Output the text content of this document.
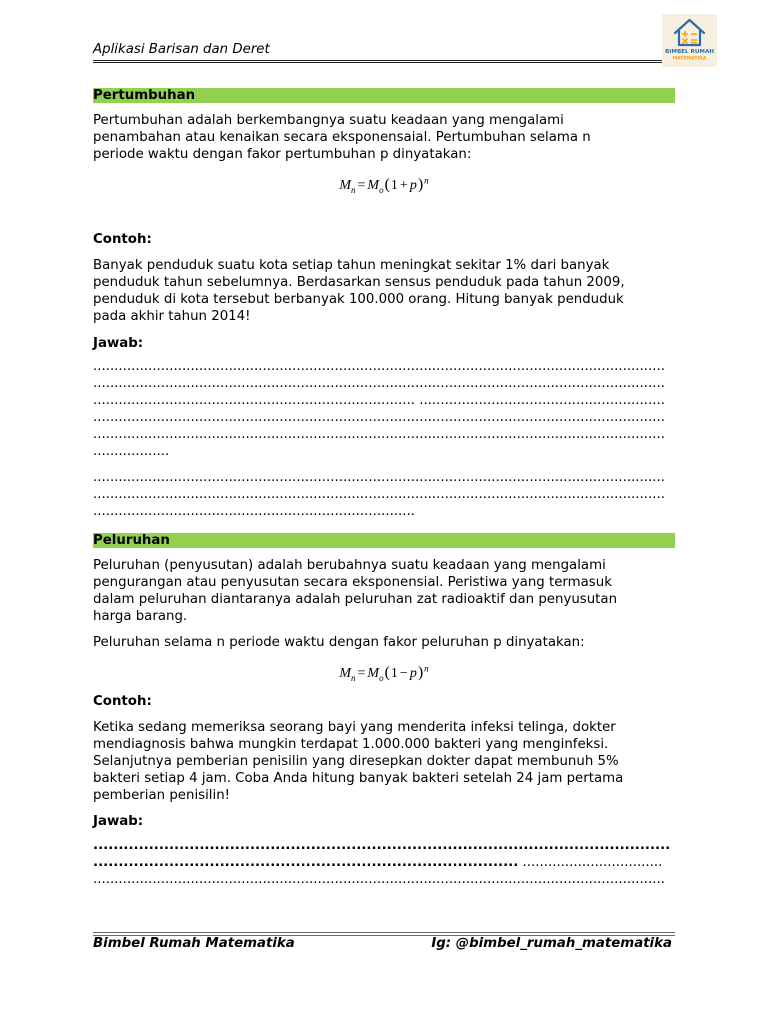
Aplikasi Barisan dan Deret	BIMBEL RUMAH
MATEMATIKA
Pertumbuhan
Pertumbuhan adalah berkembangnya suatu keadaan yang mengalami
penambahan atau kenaikan secara eksponensaial. Pertumbuhan selama n
periode waktu dengan fakor pertumbuhan p dinyatakan:
$M_n = M_o(1 + p)^n$
Contoh:
Banyak penduduk suatu kota setiap tahun meningkat sekitar 1% dari banyak
penduduk tahun sebelumnya. Berdasarkan sensus penduduk pada tahun 2009,
penduduk di kota tersebut berbanyak 100.000 orang. Hitung banyak penduduk
pada akhir tahun 2014!
Jawab:
.......................................................................................................................................
.......................................................................................................................................
............................................................................ ..........................................................
.......................................................................................................................................
.......................................................................................................................................
..................
.......................................................................................................................................
.......................................................................................................................................
............................................................................
Peluruhan
Peluruhan (penyusutan) adalah berubahnya suatu keadaan yang mengalami
pengurangan atau penyusutan secara eksponensial. Peristiwa yang termasuk
dalam peluruhan diantaranya adalah peluruhan zat radioaktif dan penyusutan
harga barang.
Peluruhan selama n periode waktu dengan fakor peluruhan p dinyatakan:
$M_n = M_o(1 - p)^n$
Contoh:
Ketika sedang memeriksa seorang bayi yang menderita infeksi telinga, dokter
mendiagnosis bahwa mungkin terdapat 1.000.000 bakteri yang menginfeksi.
Selanjutnya pemberian penisilin yang diresepkan dokter dapat membunuh 5%
bakteri setiap 4 jam. Coba Anda hitung banyak bakteri setelah 24 jam pertama
pemberian penisilin!
Jawab:
..................................................................................................................
.................................................................................... .................................
.......................................................................................................................................
Bimbel Rumah Matematika	Ig: @bimbel_rumah_matematika
